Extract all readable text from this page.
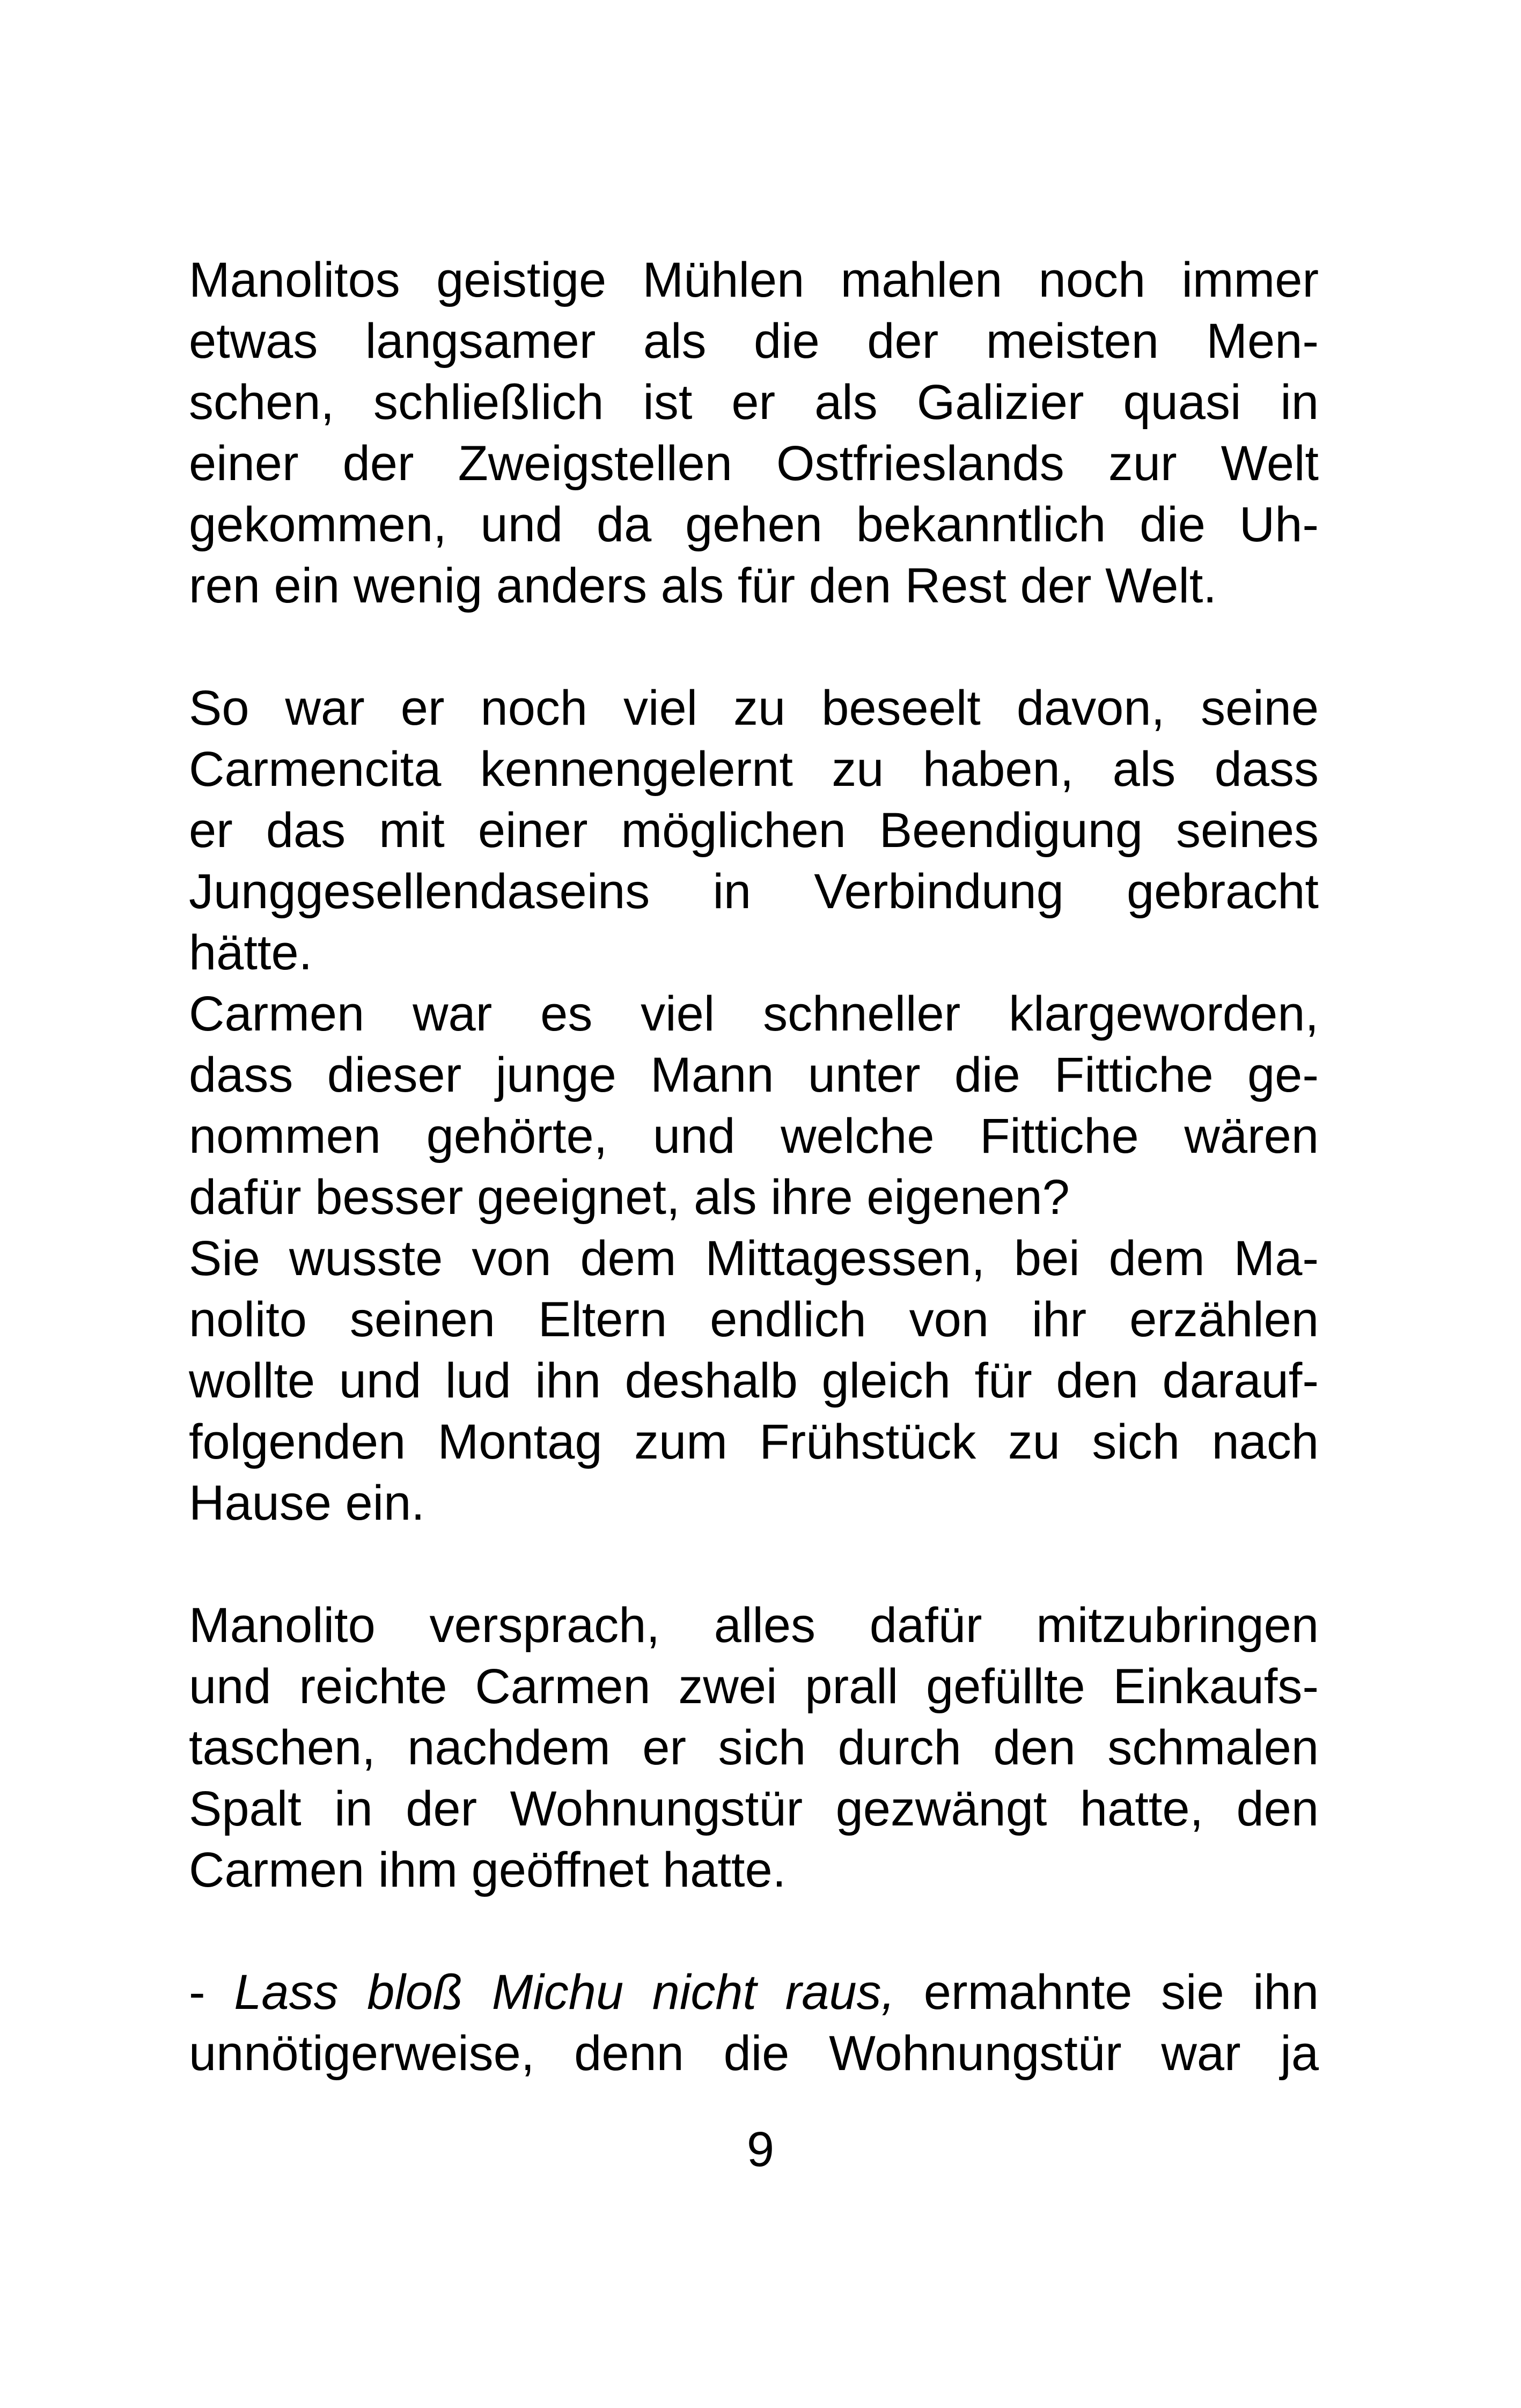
Manolitos geistige Mühlen mahlen noch immer
etwas langsamer als die der meisten Men-
schen, schließlich ist er als Galizier quasi in
einer der Zweigstellen Ostfrieslands zur Welt
gekommen, und da gehen bekanntlich die Uh-
ren ein wenig anders als für den Rest der Welt.
So war er noch viel zu beseelt davon, seine
Carmencita kennengelernt zu haben, als dass
er das mit einer möglichen Beendigung seines
Junggesellendaseins in Verbindung gebracht
hätte.
Carmen war es viel schneller klargeworden,
dass dieser junge Mann unter die Fittiche ge-
nommen gehörte, und welche Fittiche wären
dafür besser geeignet, als ihre eigenen?
Sie wusste von dem Mittagessen, bei dem Ma-
nolito seinen Eltern endlich von ihr erzählen
wollte und lud ihn deshalb gleich für den darauf-
folgenden Montag zum Frühstück zu sich nach
Hause ein.
Manolito versprach, alles dafür mitzubringen
und reichte Carmen zwei prall gefüllte Einkaufs-
taschen, nachdem er sich durch den schmalen
Spalt in der Wohnungstür gezwängt hatte, den
Carmen ihm geöffnet hatte.
- Lass bloß Michu nicht raus, ermahnte sie ihn
unnötigerweise, denn die Wohnungstür war ja
9
